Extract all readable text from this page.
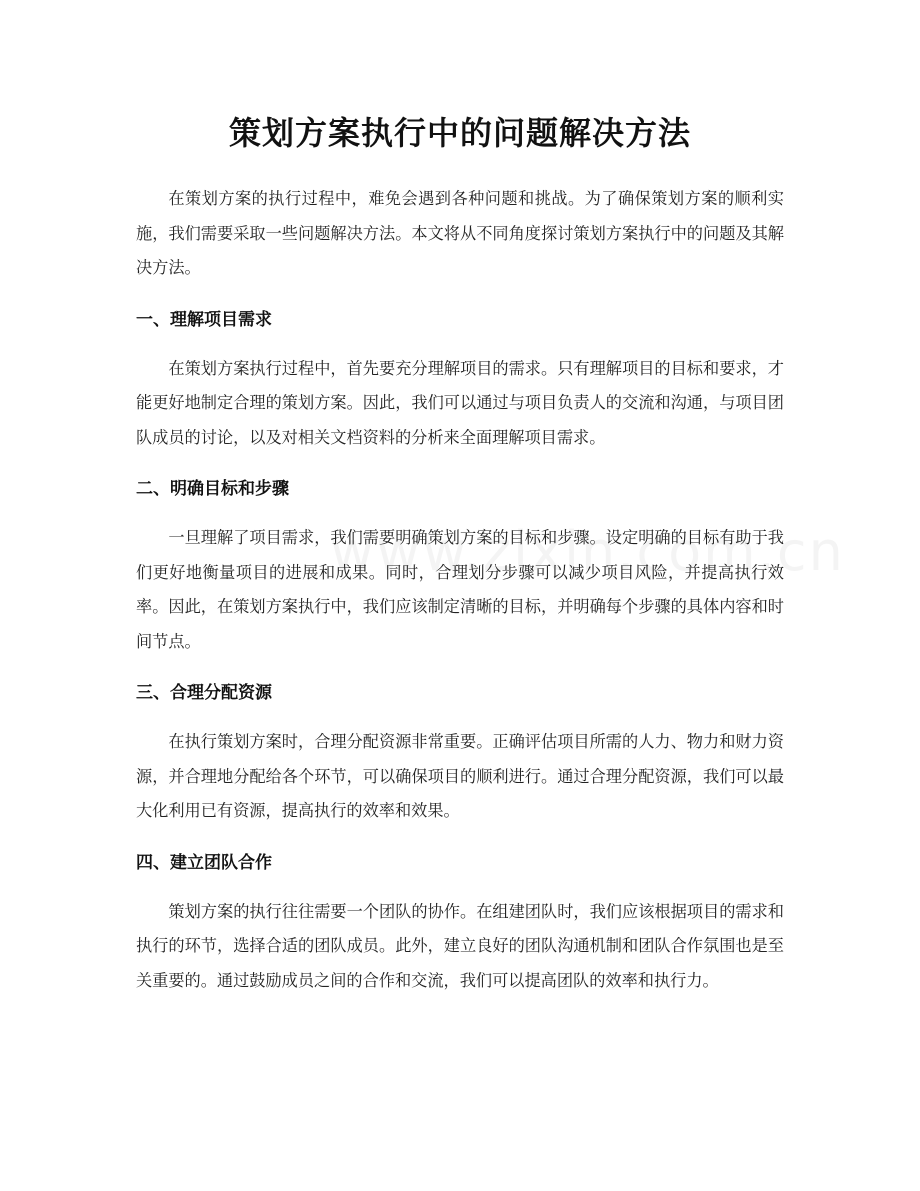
策划方案执行中的问题解决方法

在策划方案的执行过程中，难免会遇到各种问题和挑战。为了确保策划方案的顺利实施，我们需要采取一些问题解决方法。本文将从不同角度探讨策划方案执行中的问题及其解决方法。

一、理解项目需求

在策划方案执行过程中，首先要充分理解项目的需求。只有理解项目的目标和要求，才能更好地制定合理的策划方案。因此，我们可以通过与项目负责人的交流和沟通，与项目团队成员的讨论，以及对相关文档资料的分析来全面理解项目需求。

二、明确目标和步骤

一旦理解了项目需求，我们需要明确策划方案的目标和步骤。设定明确的目标有助于我们更好地衡量项目的进展和成果。同时，合理划分步骤可以减少项目风险，并提高执行效率。因此，在策划方案执行中，我们应该制定清晰的目标，并明确每个步骤的具体内容和时间节点。

三、合理分配资源

在执行策划方案时，合理分配资源非常重要。正确评估项目所需的人力、物力和财力资源，并合理地分配给各个环节，可以确保项目的顺利进行。通过合理分配资源，我们可以最大化利用已有资源，提高执行的效率和效果。

四、建立团队合作

策划方案的执行往往需要一个团队的协作。在组建团队时，我们应该根据项目的需求和执行的环节，选择合适的团队成员。此外，建立良好的团队沟通机制和团队合作氛围也是至关重要的。通过鼓励成员之间的合作和交流，我们可以提高团队的效率和执行力。
